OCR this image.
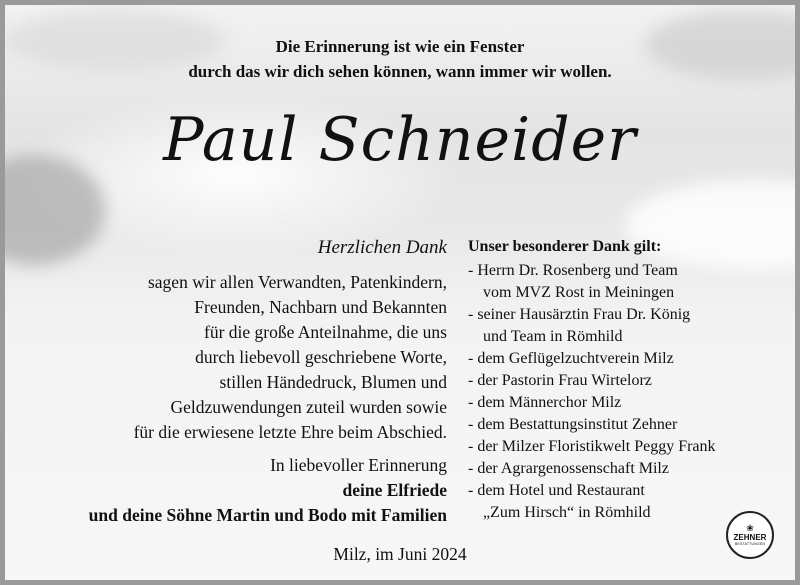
Die Erinnerung ist wie ein Fenster
durch das wir dich sehen können, wann immer wir wollen.
Paul Schneider
Herzlichen Dank
sagen wir allen Verwandten, Patenkindern,
Freunden, Nachbarn und Bekannten
für die große Anteilnahme, die uns
durch liebevoll geschriebene Worte,
stillen Händedruck, Blumen und
Geldzuwendungen zuteil wurden sowie
für die erwiesene letzte Ehre beim Abschied.
In liebevoller Erinnerung
deine Elfriede
und deine Söhne Martin und Bodo mit Familien
Unser besonderer Dank gilt:
- Herrn Dr. Rosenberg und Team
vom MVZ Rost in Meiningen
- seiner Hausärztin Frau Dr. König
und Team in Römhild
- dem Geflügelzuchtverein Milz
- der Pastorin Frau Wirtelorz
- dem Männerchor Milz
- dem Bestattungsinstitut Zehner
- der Milzer Floristikwelt Peggy Frank
- der Agrargenossenschaft Milz
- dem Hotel und Restaurant
„Zum Hirsch“ in Römhild
Milz, im Juni 2024
❀
ZEHNER
BESTATTUNGEN
